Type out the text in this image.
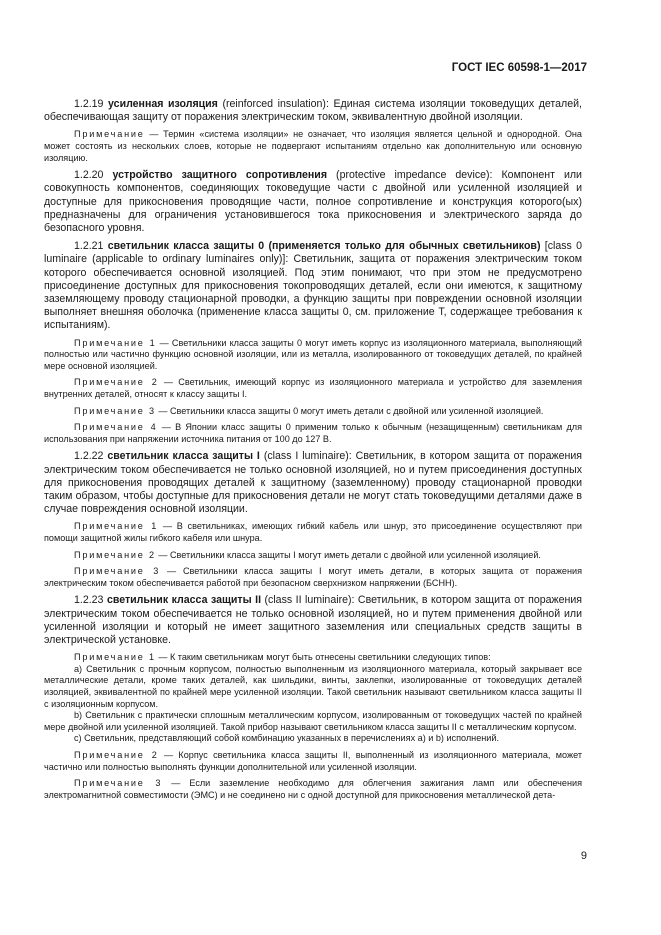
ГОСТ IEC 60598-1—2017

1.2.19 усиленная изоляция (reinforced insulation): Единая система изоляции токоведущих деталей, обеспечивающая защиту от поражения электрическим током, эквивалентную двойной изоляции.

Примечание — Термин «система изоляции» не означает, что изоляция является цельной и однородной. Она может состоять из нескольких слоев, которые не подвергают испытаниям отдельно как дополнительную или основную изоляцию.

1.2.20 устройство защитного сопротивления (protective impedance device): Компонент или совокупность компонентов, соединяющих токоведущие части с двойной или усиленной изоляцией и доступные для прикосновения проводящие части, полное сопротивление и конструкция которого(ых) предназначены для ограничения установившегося тока прикосновения и электрического заряда до безопасного уровня.

1.2.21 светильник класса защиты 0 (применяется только для обычных светильников) [class 0 luminaire (applicable to ordinary luminaires only)]: Светильник, защита от поражения электрическим током которого обеспечивается основной изоляцией. Под этим понимают, что при этом не предусмотрено присоединение доступных для прикосновения токопроводящих деталей, если они имеются, к защитному заземляющему проводу стационарной проводки, а функцию защиты при повреждении основной изоляции выполняет внешняя оболочка (применение класса защиты 0, см. приложение Т, содержащее требования к испытаниям).

Примечание 1 — Светильники класса защиты 0 могут иметь корпус из изоляционного материала, выполняющий полностью или частично функцию основной изоляции, или из металла, изолированного от токоведущих деталей, по крайней мере основной изоляцией.

Примечание 2 — Светильник, имеющий корпус из изоляционного материала и устройство для заземления внутренних деталей, относят к классу защиты I.

Примечание 3 — Светильники класса защиты 0 могут иметь детали с двойной или усиленной изоляцией.

Примечание 4 — В Японии класс защиты 0 применим только к обычным (незащищенным) светильникам для использования при напряжении источника питания от 100 до 127 В.

1.2.22 светильник класса защиты I (class I luminaire): Светильник, в котором защита от поражения электрическим током обеспечивается не только основной изоляцией, но и путем присоединения доступных для прикосновения проводящих деталей к защитному (заземленному) проводу стационарной проводки таким образом, чтобы доступные для прикосновения детали не могут стать токоведущими деталями даже в случае повреждения основной изоляции.

Примечание 1 — В светильниках, имеющих гибкий кабель или шнур, это присоединение осуществляют при помощи защитной жилы гибкого кабеля или шнура.

Примечание 2 — Светильники класса защиты I могут иметь детали с двойной или усиленной изоляцией.

Примечание 3 — Светильники класса защиты I могут иметь детали, в которых защита от поражения электрическим током обеспечивается работой при безопасном сверхнизком напряжении (БСНН).

1.2.23 светильник класса защиты II (class II luminaire): Светильник, в котором защита от поражения электрическим током обеспечивается не только основной изоляцией, но и путем применения двойной или усиленной изоляции и который не имеет защитного заземления или специальных средств защиты в электрической установке.

Примечание 1 — К таким светильникам могут быть отнесены светильники следующих типов:

a) Светильник с прочным корпусом, полностью выполненным из изоляционного материала, который закрывает все металлические детали, кроме таких деталей, как шильдики, винты, заклепки, изолированные от токоведущих деталей изоляцией, эквивалентной по крайней мере усиленной изоляции. Такой светильник называют светильником класса защиты II с изоляционным корпусом.

b) Светильник с практически сплошным металлическим корпусом, изолированным от токоведущих частей по крайней мере двойной или усиленной изоляцией. Такой прибор называют светильником класса защиты II с металлическим корпусом.

c) Светильник, представляющий собой комбинацию указанных в перечислениях a) и b) исполнений.

Примечание 2 — Корпус светильника класса защиты II, выполненный из изоляционного материала, может частично или полностью выполнять функции дополнительной или усиленной изоляции.

Примечание 3 — Если заземление необходимо для облегчения зажигания ламп или обеспечения электромагнитной совместимости (ЭМС) и не соединено ни с одной доступной для прикосновения металлической дета-

9
